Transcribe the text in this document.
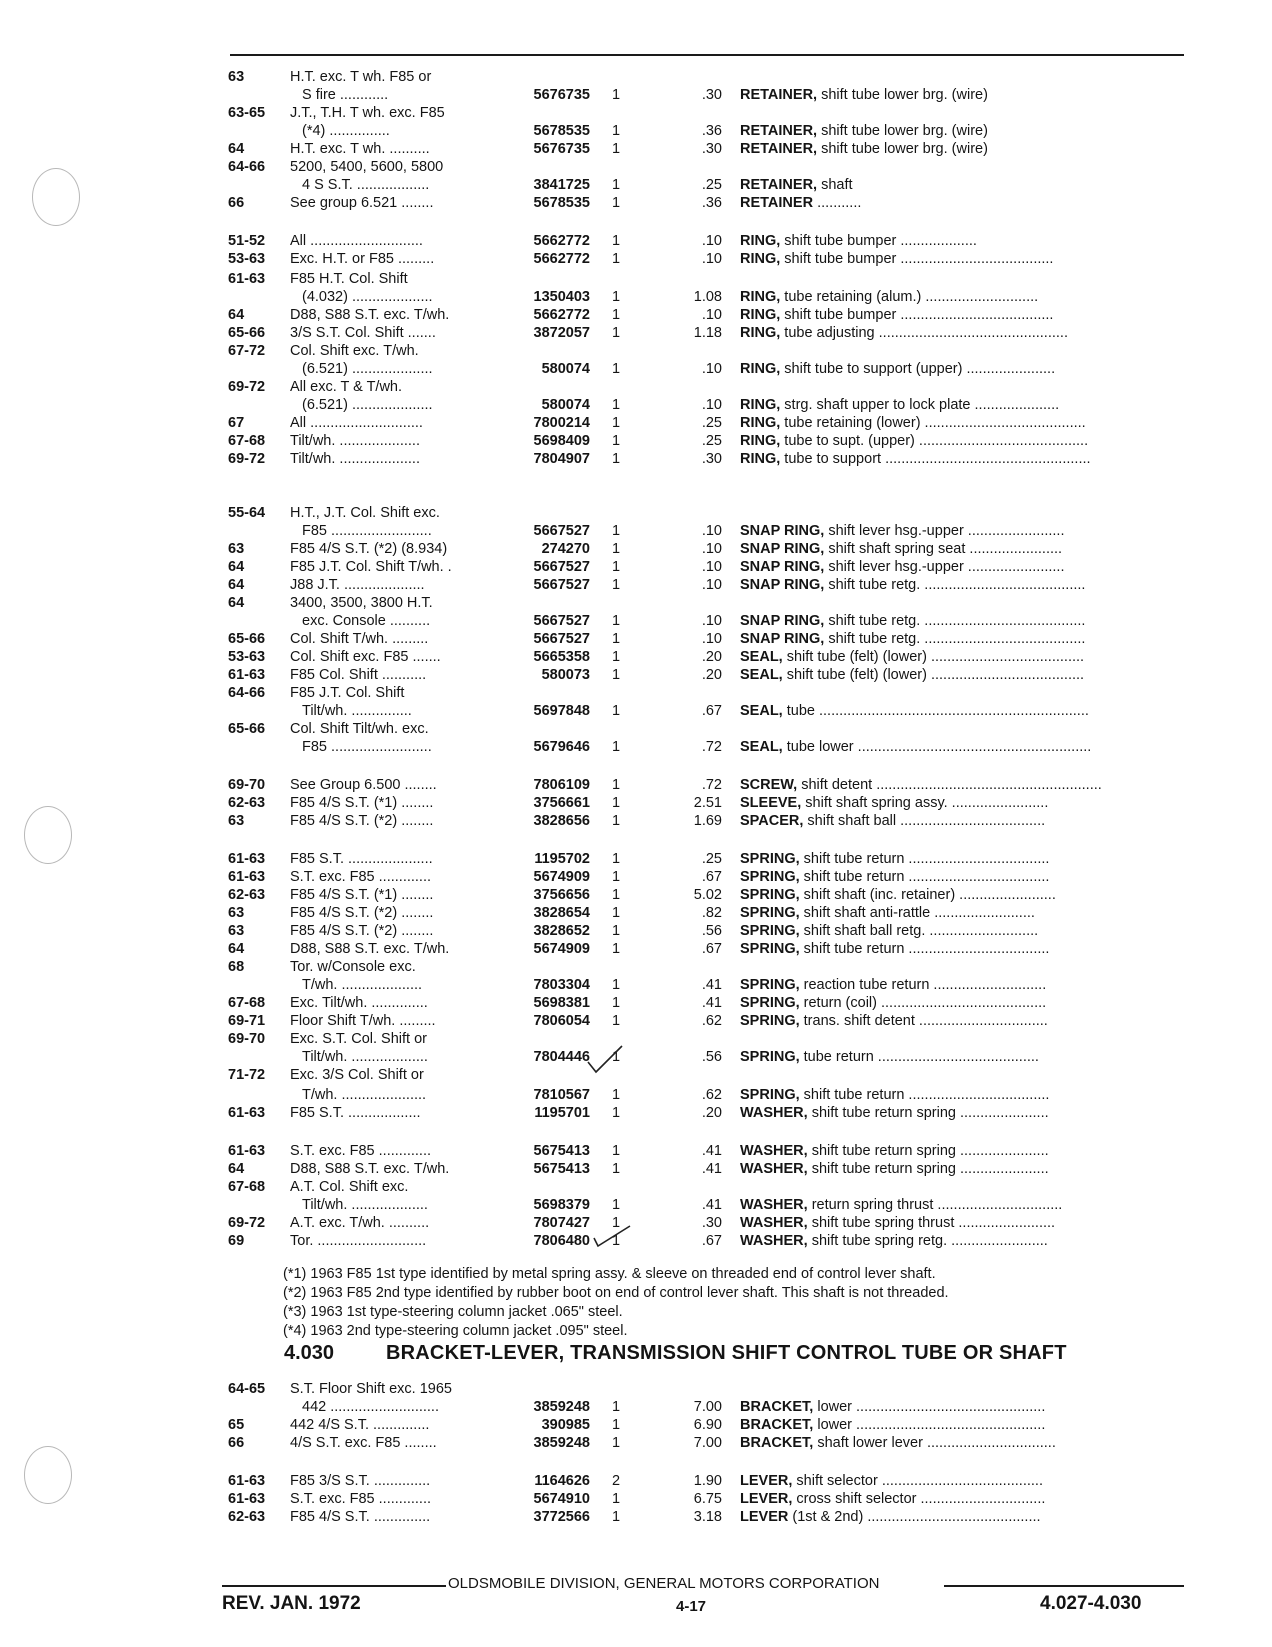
63	H.T. exc. T wh. F85 or
S fire ............	5676735 1	.30 RETAINER, shift tube lower brg. (wire)
63-65 J.T., T.H. T wh. exc. F85
(*4) ...............	5678535 1	.36 RETAINER, shift tube lower brg. (wire)
64	H.T. exc. T wh. ..........	5676735 1	.30 RETAINER, shift tube lower brg. (wire)
64-66 5200, 5400, 5600, 5800
4 S S.T. ..................	3841725 1	.25 RETAINER, shaft
66	See group 6.521 ........	5678535 1	.36 RETAINER ...........
51-52 All ............................	5662772 1	.10 RING, shift tube bumper ...................
53-63 Exc. H.T. or F85 .........	5662772 1	.10 RING, shift tube bumper ......................................
61-63 F85 H.T. Col. Shift
(4.032) ....................	1350403 1	1.08 RING, tube retaining (alum.) ............................
64	D88, S88 S.T. exc. T/wh.	5662772 1	.10 RING, shift tube bumper ......................................
65-66 3/S S.T. Col. Shift .......	3872057 1	1.18 RING, tube adjusting ...............................................
67-72 Col. Shift exc. T/wh.
(6.521) ....................	580074 1	.10 RING, shift tube to support (upper) ......................
69-72 All exc. T & T/wh.
(6.521) ....................	580074 1	.10 RING, strg. shaft upper to lock plate .....................
67	All ............................	7800214 1	.25 RING, tube retaining (lower) ........................................
67-68 Tilt/wh. ....................	5698409 1	.25 RING, tube to supt. (upper) ..........................................
69-72 Tilt/wh. ....................	7804907 1	.30 RING, tube to support ...................................................
55-64 H.T., J.T. Col. Shift exc.
F85 .........................	5667527 1	.10 SNAP RING, shift lever hsg.-upper ........................
63	F85 4/S S.T. (*2) (8.934)	274270 1	.10 SNAP RING, shift shaft spring seat .......................
64	F85 J.T. Col. Shift T/wh. .	5667527 1	.10 SNAP RING, shift lever hsg.-upper ........................
64	J88 J.T. ....................	5667527 1	.10 SNAP RING, shift tube retg. ........................................
64	3400, 3500, 3800 H.T.
exc. Console ..........	5667527 1	.10 SNAP RING, shift tube retg. ........................................
65-66 Col. Shift T/wh. .........	5667527 1	.10 SNAP RING, shift tube retg. ........................................
53-63 Col. Shift exc. F85 .......	5665358 1	.20 SEAL, shift tube (felt) (lower) ......................................
61-63 F85 Col. Shift ...........	580073 1	.20 SEAL, shift tube (felt) (lower) ......................................
64-66 F85 J.T. Col. Shift
Tilt/wh. ...............	5697848 1	.67 SEAL, tube ...................................................................
65-66 Col. Shift Tilt/wh. exc.
F85 .........................	5679646 1	.72 SEAL, tube lower ..........................................................
69-70 See Group 6.500 ........	7806109 1	.72 SCREW, shift detent ........................................................
62-63 F85 4/S S.T. (*1) ........	3756661 1	2.51 SLEEVE, shift shaft spring assy. ........................
63	F85 4/S S.T. (*2) ........	3828656 1	1.69 SPACER, shift shaft ball ....................................
61-63 F85 S.T. .....................	1195702 1	.25 SPRING, shift tube return ...................................
61-63 S.T. exc. F85 .............	5674909 1	.67 SPRING, shift tube return ...................................
62-63 F85 4/S S.T. (*1) ........	3756656 1	5.02 SPRING, shift shaft (inc. retainer) ........................
63	F85 4/S S.T. (*2) ........	3828654 1	.82 SPRING, shift shaft anti-rattle .........................
63	F85 4/S S.T. (*2) ........	3828652 1	.56 SPRING, shift shaft ball retg. ...........................
64	D88, S88 S.T. exc. T/wh.	5674909 1	.67 SPRING, shift tube return ...................................
68	Tor. w/Console exc.
T/wh. ....................	7803304 1	.41 SPRING, reaction tube return ............................
67-68 Exc. Tilt/wh. ..............	5698381 1	.41 SPRING, return (coil) .........................................
69-71 Floor Shift T/wh. .........	7806054 1	.62 SPRING, trans. shift detent ................................
69-70 Exc. S.T. Col. Shift or
Tilt/wh. ...................	7804446 1	.56 SPRING, tube return ........................................
71-72 Exc. 3/S Col. Shift or
T/wh. .....................	7810567 1	.62 SPRING, shift tube return ...................................
61-63 F85 S.T. ..................	1195701 1	.20 WASHER, shift tube return spring ......................
61-63 S.T. exc. F85 .............	5675413 1	.41 WASHER, shift tube return spring ......................
64	D88, S88 S.T. exc. T/wh.	5675413 1	.41 WASHER, shift tube return spring ......................
67-68 A.T. Col. Shift exc.
Tilt/wh. ...................	5698379 1	.41 WASHER, return spring thrust ...............................
69-72 A.T. exc. T/wh. ..........	7807427 1	.30 WASHER, shift tube spring thrust ........................
69	Tor. ...........................	7806480 1	.67 WASHER, shift tube spring retg. ........................
(*1) 1963 F85 1st type identified by metal spring assy. & sleeve on threaded end of control lever shaft.
(*2) 1963 F85 2nd type identified by rubber boot on end of control lever shaft. This shaft is not threaded.
(*3) 1963 1st type-steering column jacket .065" steel.
(*4) 1963 2nd type-steering column jacket .095" steel.
4.030	BRACKET-LEVER, TRANSMISSION SHIFT CONTROL TUBE OR SHAFT
64-65 S.T. Floor Shift exc. 1965
442 ...........................	3859248 1	7.00 BRACKET, lower ...............................................
65	442 4/S S.T. ..............	390985 1	6.90 BRACKET, lower ...............................................
66	4/S S.T. exc. F85 ........	3859248 1	7.00 BRACKET, shaft lower lever ................................
61-63 F85 3/S S.T. ..............	1164626 2	1.90 LEVER, shift selector ........................................
61-63 S.T. exc. F85 .............	5674910 1	6.75 LEVER, cross shift selector ...............................
62-63 F85 4/S S.T. ..............	3772566 1	3.18 LEVER (1st & 2nd) ...........................................
OLDSMOBILE DIVISION, GENERAL MOTORS CORPORATION
REV. JAN. 1972	4-17	4.027-4.030
